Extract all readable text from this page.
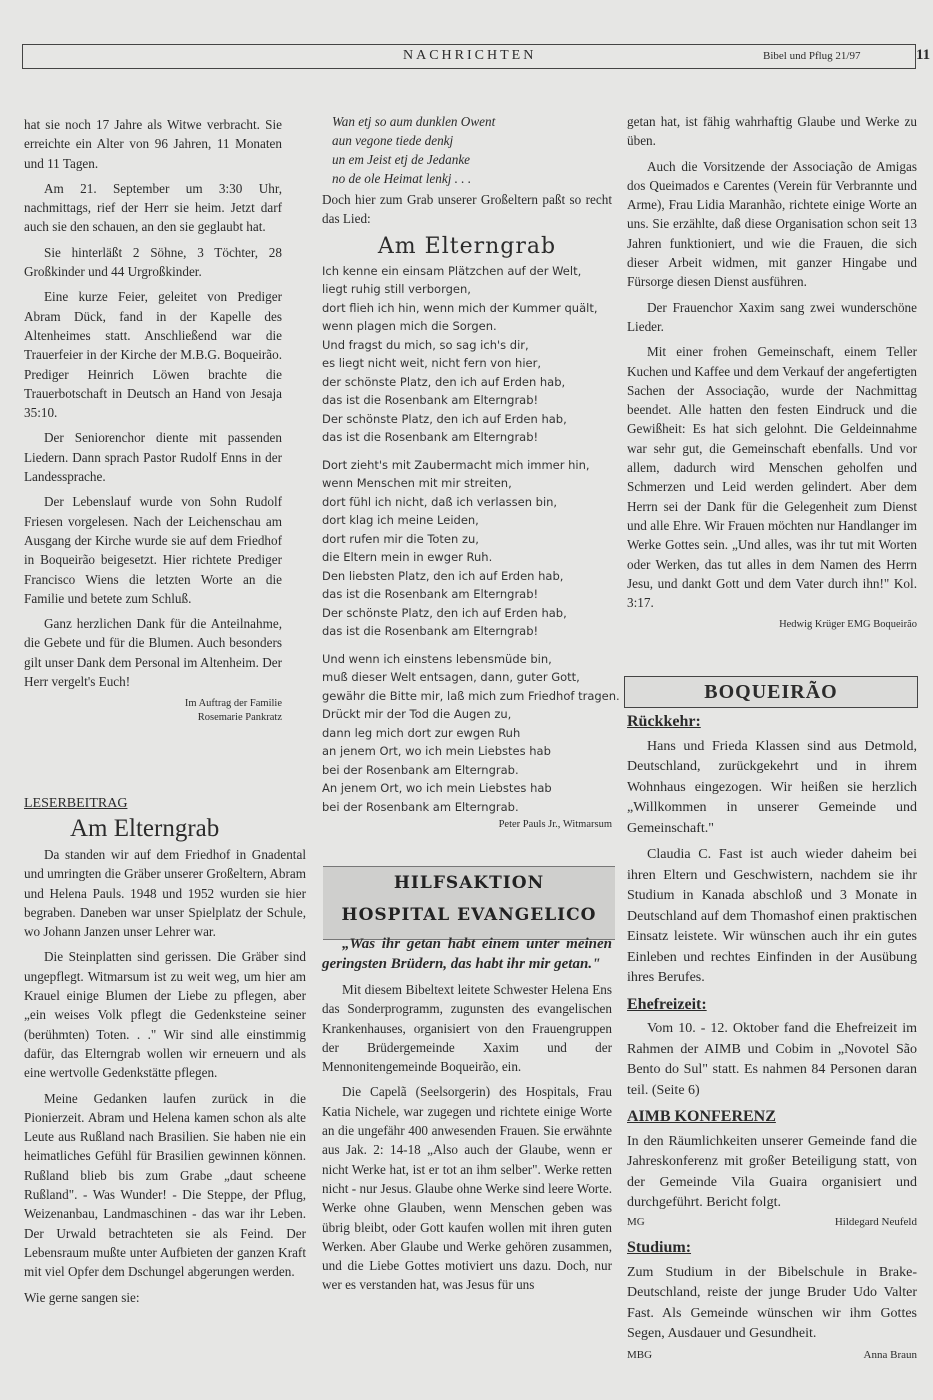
NACHRICHTEN	Bibel und Pflug 21/97	11

hat sie noch 17 Jahre als Witwe verbracht. Sie erreichte ein Alter von 96 Jahren, 11 Monaten und 11 Tagen.

Am 21. September um 3:30 Uhr, nachmittags, rief der Herr sie heim. Jetzt darf auch sie den schauen, an den sie geglaubt hat.

Sie hinterläßt 2 Söhne, 3 Töchter, 28 Großkinder und 44 Urgroßkinder.

Eine kurze Feier, geleitet von Prediger Abram Dück, fand in der Kapelle des Altenheimes statt. Anschließend war die Trauerfeier in der Kirche der M.B.G. Boqueirão. Prediger Heinrich Löwen brachte die Trauerbotschaft in Deutsch an Hand von Jesaja 35:10.

Der Seniorenchor diente mit passenden Liedern. Dann sprach Pastor Rudolf Enns in der Landessprache.

Der Lebenslauf wurde von Sohn Rudolf Friesen vorgelesen. Nach der Leichenschau am Ausgang der Kirche wurde sie auf dem Friedhof in Boqueirão beigesetzt. Hier richtete Prediger Francisco Wiens die letzten Worte an die Familie und betete zum Schluß.

Ganz herzlichen Dank für die Anteilnahme, die Gebete und für die Blumen. Auch besonders gilt unser Dank dem Personal im Altenheim. Der Herr vergelt's Euch!

Im Auftrag der Familie
Rosemarie Pankratz
LESERBEITRAG
Am Elterngrab

Da standen wir auf dem Friedhof in Gnadental und umringten die Gräber unserer Großeltern, Abram und Helena Pauls. 1948 und 1952 wurden sie hier begraben. Daneben war unser Spielplatz der Schule, wo Johann Janzen unser Lehrer war.

Die Steinplatten sind gerissen. Die Gräber sind ungepflegt. Witmarsum ist zu weit weg, um hier am Krauel einige Blumen der Liebe zu pflegen, aber „ein weises Volk pflegt die Gedenksteine seiner (berühmten) Toten. . ." Wir sind alle einstimmig dafür, das Elterngrab wollen wir erneuern und als eine wertvolle Gedenkstätte pflegen.

Meine Gedanken laufen zurück in die Pionierzeit. Abram und Helena kamen schon als alte Leute aus Rußland nach Brasilien. Sie haben nie ein heimatliches Gefühl für Brasilien gewinnen können. Rußland blieb bis zum Grabe „daut scheene Rußland". - Was Wunder! - Die Steppe, der Pflug, Weizenanbau, Landmaschinen - das war ihr Leben. Der Urwald betrachteten sie als Feind. Der Lebensraum mußte unter Aufbieten der ganzen Kraft mit viel Opfer dem Dschungel abgerungen werden.

Wie gerne sangen sie:

Wan etj so aum dunklen Owent
aun vegone tiede denkj
un em Jeist etj de Jedanke
no de ole Heimat lenkj . . .

Doch hier zum Grab unserer Großeltern paßt so recht das Lied:

Am Elterngrab
Ich kenne ein einsam Plätzchen auf der Welt,
liegt ruhig still verborgen,
dort flieh ich hin, wenn mich der Kummer quält,
wenn plagen mich die Sorgen.
Und fragst du mich, so sag ich's dir,
es liegt nicht weit, nicht fern von hier,
der schönste Platz, den ich auf Erden hab,
das ist die Rosenbank am Elterngrab!
Der schönste Platz, den ich auf Erden hab,
das ist die Rosenbank am Elterngrab!
Dort zieht's mit Zaubermacht mich immer hin,
wenn Menschen mit mir streiten,
dort fühl ich nicht, daß ich verlassen bin,
dort klag ich meine Leiden,
dort rufen mir die Toten zu,
die Eltern mein in ewger Ruh.
Den liebsten Platz, den ich auf Erden hab,
das ist die Rosenbank am Elterngrab!
Der schönste Platz, den ich auf Erden hab,
das ist die Rosenbank am Elterngrab!
Und wenn ich einstens lebensmüde bin,
muß dieser Welt entsagen, dann, guter Gott,
gewähr die Bitte mir, laß mich zum Friedhof tragen.
Drückt mir der Tod die Augen zu,
dann leg mich dort zur ewgen Ruh
an jenem Ort, wo ich mein Liebstes hab
bei der Rosenbank am Elterngrab.
An jenem Ort, wo ich mein Liebstes hab
bei der Rosenbank am Elterngrab.
Peter Pauls Jr., Witmarsum
HILFSAKTION
HOSPITAL EVANGELICO

„Was ihr getan habt einem unter meinen geringsten Brüdern, das habt ihr mir getan."

Mit diesem Bibeltext leitete Schwester Helena Ens das Sonderprogramm, zugunsten des evangelischen Krankenhauses, organisiert von den Frauengruppen der Brüdergemeinde Xaxim und der Mennonitengemeinde Boqueirão, ein.

Die Capelã (Seelsorgerin) des Hospitals, Frau Katia Nichele, war zugegen und richtete einige Worte an die ungefähr 400 anwesenden Frauen. Sie erwähnte aus Jak. 2: 14-18 „Also auch der Glaube, wenn er nicht Werke hat, ist er tot an ihm selber". Werke retten nicht - nur Jesus. Glaube ohne Werke sind leere Worte. Werke ohne Glauben, wenn Menschen geben was übrig bleibt, oder Gott kaufen wollen mit ihren guten Werken. Aber Glaube und Werke gehören zusammen, und die Liebe Gottes motiviert uns dazu. Doch, nur wer es verstanden hat, was Jesus für uns

getan hat, ist fähig wahrhaftig Glaube und Werke zu üben.

Auch die Vorsitzende der Associação de Amigas dos Queimados e Carentes (Verein für Verbrannte und Arme), Frau Lidia Maranhão, richtete einige Worte an uns. Sie erzählte, daß diese Organisation schon seit 13 Jahren funktioniert, und wie die Frauen, die sich dieser Arbeit widmen, mit ganzer Hingabe und Fürsorge diesen Dienst ausführen.

Der Frauenchor Xaxim sang zwei wunderschöne Lieder.

Mit einer frohen Gemeinschaft, einem Teller Kuchen und Kaffee und dem Verkauf der angefertigten Sachen der Associação, wurde der Nachmittag beendet. Alle hatten den festen Eindruck und die Gewißheit: Es hat sich gelohnt. Die Geldeinnahme war sehr gut, die Gemeinschaft ebenfalls. Und vor allem, dadurch wird Menschen geholfen und Schmerzen und Leid werden gelindert. Aber dem Herrn sei der Dank für die Gelegenheit zum Dienst und alle Ehre. Wir Frauen möchten nur Handlanger im Werke Gottes sein. „Und alles, was ihr tut mit Worten oder Werken, das tut alles in dem Namen des Herrn Jesu, und dankt Gott und dem Vater durch ihn!" Kol. 3:17.

Hedwig Krüger EMG Boqueirão
BOQUEIRÃO
Rückkehr:

Hans und Frieda Klassen sind aus Detmold, Deutschland, zurückgekehrt und in ihrem Wohnhaus eingezogen. Wir heißen sie herzlich „Willkommen in unserer Gemeinde und Gemeinschaft."

Claudia C. Fast ist auch wieder daheim bei ihren Eltern und Geschwistern, nachdem sie ihr Studium in Kanada abschloß und 3 Monate in Deutschland auf dem Thomashof einen praktischen Einsatz leistete. Wir wünschen auch ihr ein gutes Einleben und rechtes Einfinden in der Ausübung ihres Berufes.

Ehefreizeit:

Vom 10. - 12. Oktober fand die Ehefreizeit im Rahmen der AIMB und Cobim in „Novotel São Bento do Sul" statt. Es nahmen 84 Personen daran teil. (Seite 6)

AIMB KONFERENZ

In den Räumlichkeiten unserer Gemeinde fand die Jahreskonferenz mit großer Beteiligung statt, von der Gemeinde Vila Guaira organisiert und durchgeführt. Bericht folgt.

MG	Hildegard Neufeld
Studium:

Zum Studium in der Bibelschule in Brake-Deutschland, reiste der junge Bruder Udo Valter Fast. Als Gemeinde wünschen wir ihm Gottes Segen, Ausdauer und Gesundheit.

MBG	Anna Braun
